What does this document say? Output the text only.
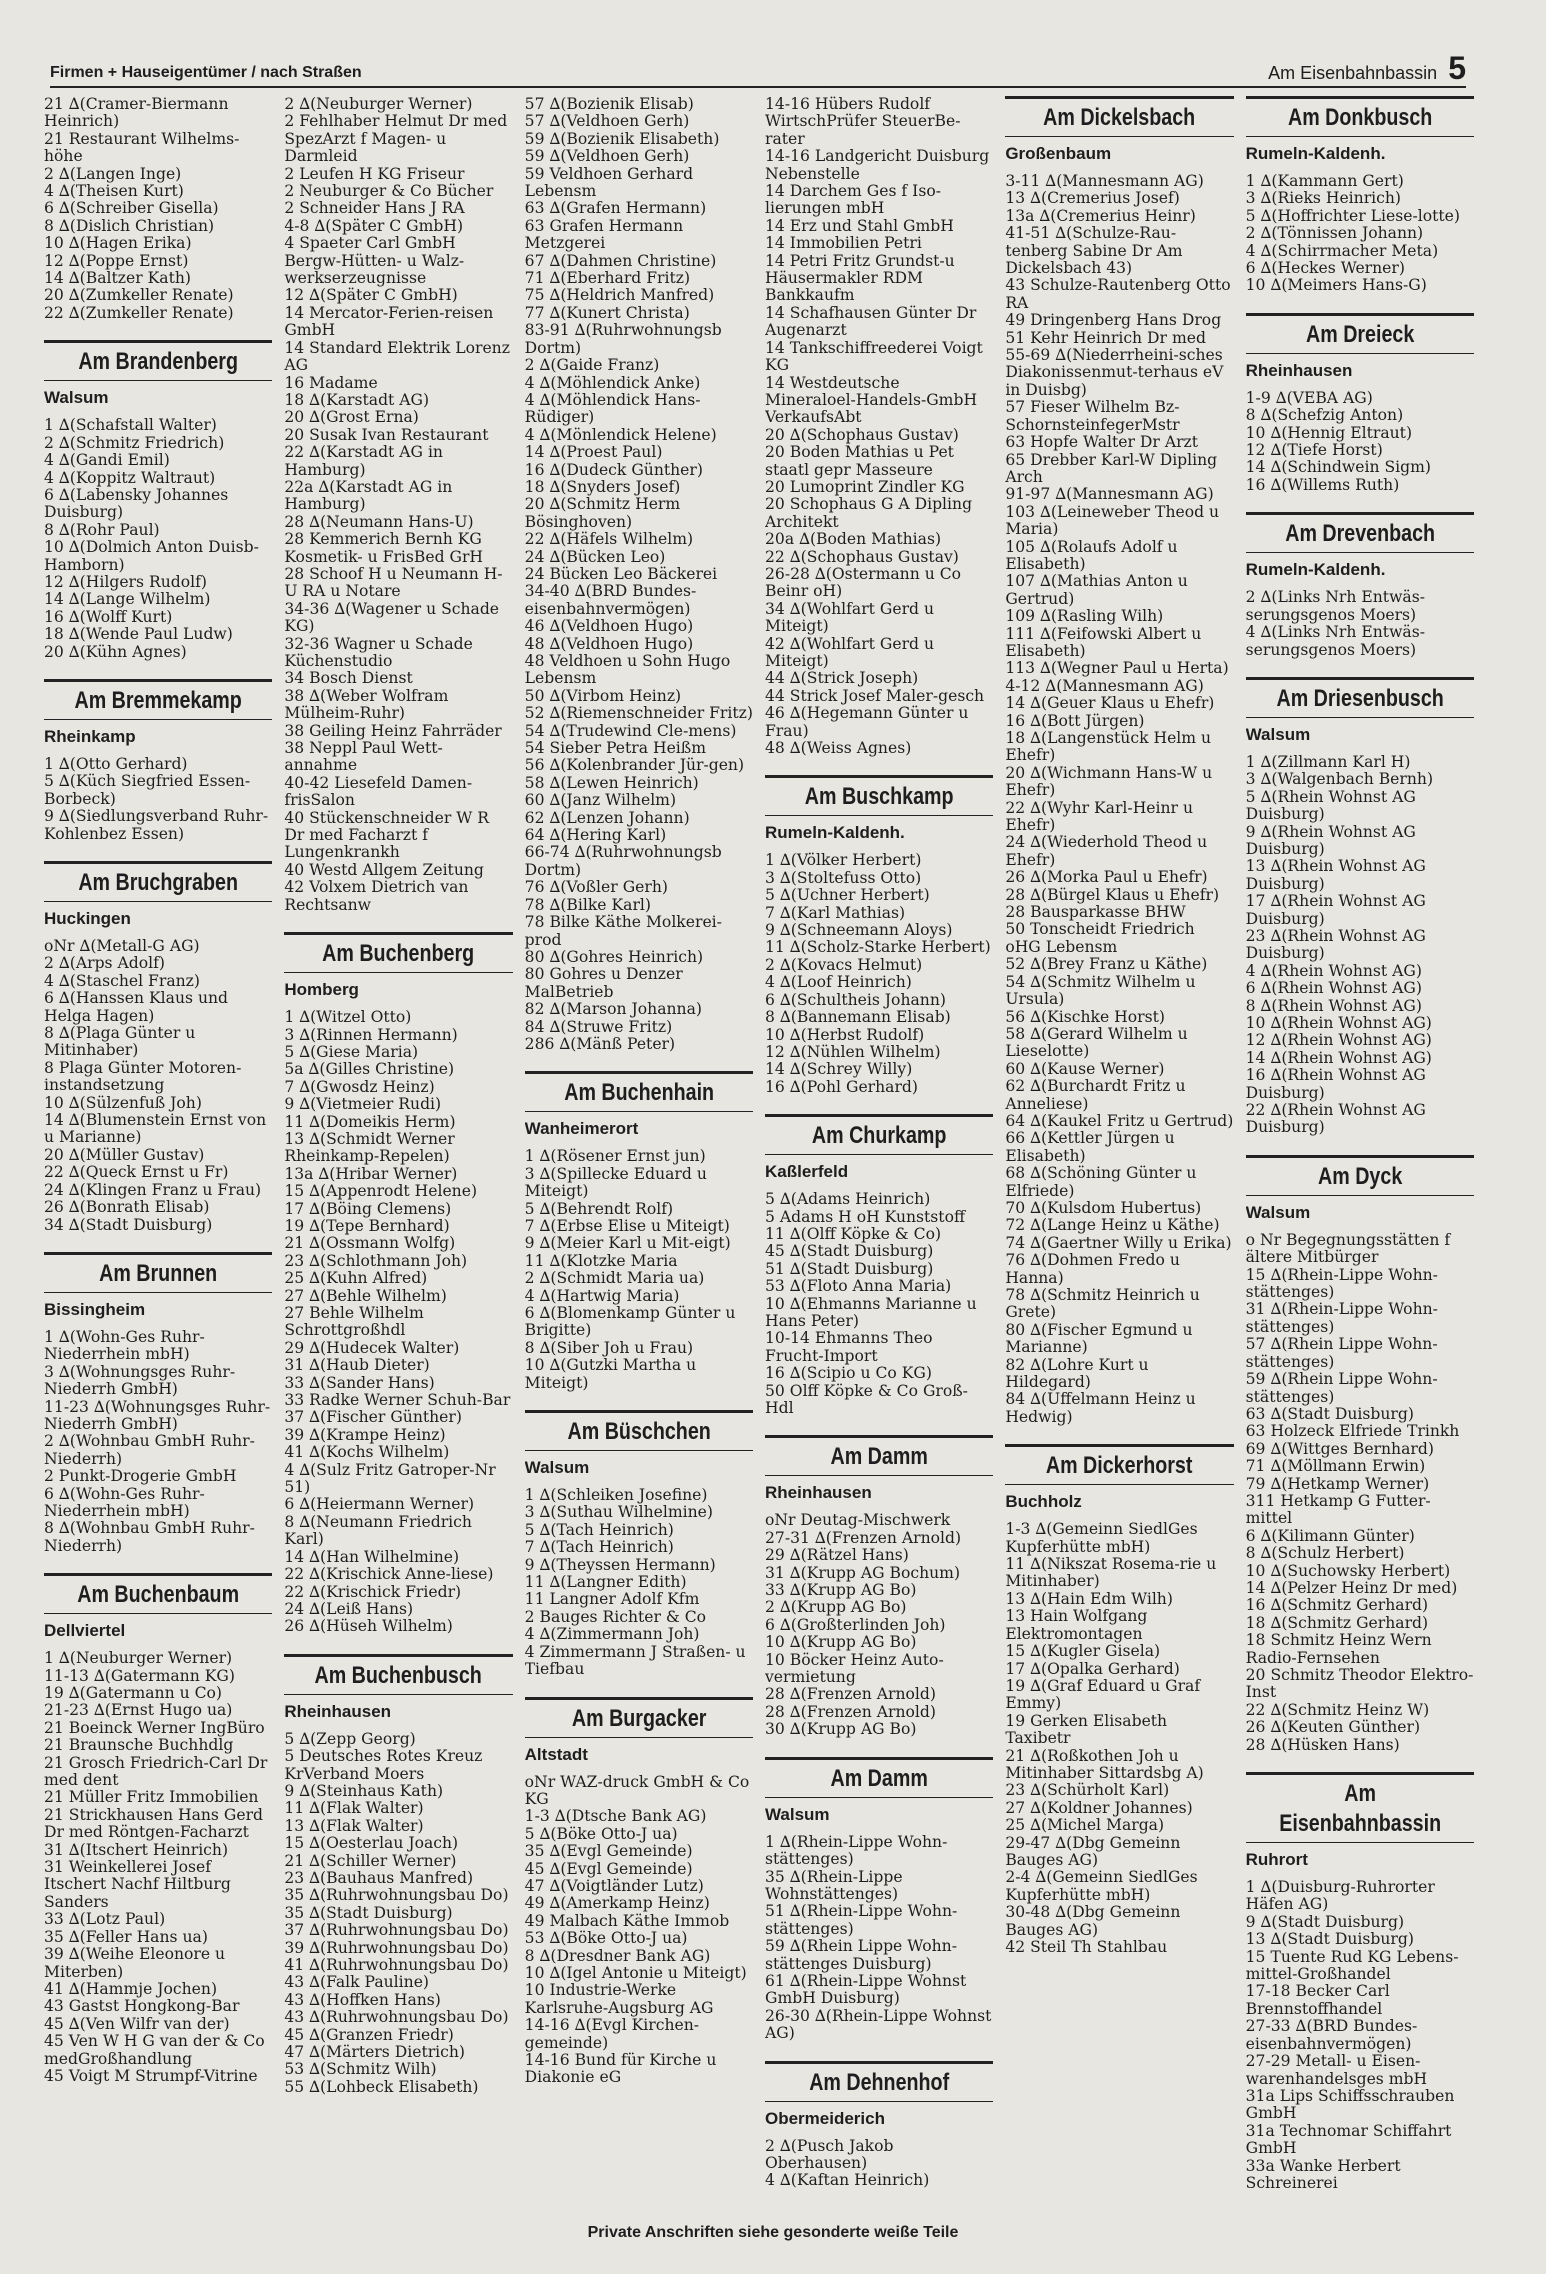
Firmen + Hauseigentümer / nach Straßen	Am Eisenbahnbassin 5

21 ∆(Cramer-Biermann Heinrich)

21 Restaurant Wilhelms-höhe

2 ∆(Langen Inge)

4 ∆(Theisen Kurt)

6 ∆(Schreiber Gisella)

8 ∆(Dislich Christian)

10 ∆(Hagen Erika)

12 ∆(Poppe Ernst)

14 ∆(Baltzer Kath)

20 ∆(Zumkeller Renate)

22 ∆(Zumkeller Renate)

Am Brandenberg
Walsum

1 ∆(Schafstall Walter)

2 ∆(Schmitz Friedrich)

4 ∆(Gandi Emil)

4 ∆(Koppitz Waltraut)

6 ∆(Labensky Johannes Duisburg)

8 ∆(Rohr Paul)

10 ∆(Dolmich Anton Duisb-Hamborn)

12 ∆(Hilgers Rudolf)

14 ∆(Lange Wilhelm)

16 ∆(Wolff Kurt)

18 ∆(Wende Paul Ludw)

20 ∆(Kühn Agnes)

Am Bremmekamp
Rheinkamp

1 ∆(Otto Gerhard)

5 ∆(Küch Siegfried Essen-Borbeck)

9 ∆(Siedlungsverband Ruhr-Kohlenbez Essen)

Am Bruchgraben
Huckingen

oNr ∆(Metall-G AG)

2 ∆(Arps Adolf)

4 ∆(Staschel Franz)

6 ∆(Hanssen Klaus und Helga Hagen)

8 ∆(Plaga Günter u Mitinhaber)

8 Plaga Günter Motoren-instandsetzung

10 ∆(Sülzenfuß Joh)

14 ∆(Blumenstein Ernst von u Marianne)

20 ∆(Müller Gustav)

22 ∆(Queck Ernst u Fr)

24 ∆(Klingen Franz u Frau)

26 ∆(Bonrath Elisab)

34 ∆(Stadt Duisburg)

Am Brunnen
Bissingheim

1 ∆(Wohn-Ges Ruhr-Niederrhein mbH)

3 ∆(Wohnungsges Ruhr-Niederrh GmbH)

11-23 ∆(Wohnungsges Ruhr-Niederrh GmbH)

2 ∆(Wohnbau GmbH Ruhr-Niederrh)

2 Punkt-Drogerie GmbH

6 ∆(Wohn-Ges Ruhr-Niederrhein mbH)

8 ∆(Wohnbau GmbH Ruhr-Niederrh)

Am Buchenbaum
Dellviertel

1 ∆(Neuburger Werner)

11-13 ∆(Gatermann KG)

19 ∆(Gatermann u Co)

21-23 ∆(Ernst Hugo ua)

21 Boeinck Werner IngBüro

21 Braunsche Buchhdlg

21 Grosch Friedrich-Carl Dr med dent

21 Müller Fritz Immobilien

21 Strickhausen Hans Gerd Dr med Röntgen-Facharzt

31 ∆(Itschert Heinrich)

31 Weinkellerei Josef Itschert Nachf Hiltburg Sanders

33 ∆(Lotz Paul)

35 ∆(Feller Hans ua)

39 ∆(Weihe Eleonore u Miterben)

41 ∆(Hammje Jochen)

43 Gastst Hongkong-Bar

45 ∆(Ven Wilfr van der)

45 Ven W H G van der & Co medGroßhandlung

45 Voigt M Strumpf-Vitrine

2 ∆(Neuburger Werner)

2 Fehlhaber Helmut Dr med SpezArzt f Magen- u Darmleid

2 Leufen H KG Friseur

2 Neuburger & Co Bücher

2 Schneider Hans J RA

4-8 ∆(Später C GmbH)

4 Spaeter Carl GmbH Bergw-Hütten- u Walz-werkserzeugnisse

12 ∆(Später C GmbH)

14 Mercator-Ferien-reisen GmbH

14 Standard Elektrik Lorenz AG

16 Madame

18 ∆(Karstadt AG)

20 ∆(Grost Erna)

20 Susak Ivan Restaurant

22 ∆(Karstadt AG in Hamburg)

22a ∆(Karstadt AG in Hamburg)

28 ∆(Neumann Hans-U)

28 Kemmerich Bernh KG Kosmetik- u FrisBed GrH

28 Schoof H u Neumann H-U RA u Notare

34-36 ∆(Wagener u Schade KG)

32-36 Wagner u Schade Küchenstudio

34 Bosch Dienst

38 ∆(Weber Wolfram Mülheim-Ruhr)

38 Geiling Heinz Fahrräder

38 Neppl Paul Wett-annahme

40-42 Liesefeld Damen-frisSalon

40 Stückenschneider W R Dr med Facharzt f Lungenkrankh

40 Westd Allgem Zeitung

42 Volxem Dietrich van Rechtsanw

Am Buchenberg
Homberg

1 ∆(Witzel Otto)

3 ∆(Rinnen Hermann)

5 ∆(Giese Maria)

5a ∆(Gilles Christine)

7 ∆(Gwosdz Heinz)

9 ∆(Vietmeier Rudi)

11 ∆(Domeikis Herm)

13 ∆(Schmidt Werner Rheinkamp-Repelen)

13a ∆(Hribar Werner)

15 ∆(Appenrodt Helene)

17 ∆(Böing Clemens)

19 ∆(Tepe Bernhard)

21 ∆(Ossmann Wolfg)

23 ∆(Schlothmann Joh)

25 ∆(Kuhn Alfred)

27 ∆(Behle Wilhelm)

27 Behle Wilhelm Schrottgroßhdl

29 ∆(Hudecek Walter)

31 ∆(Haub Dieter)

33 ∆(Sander Hans)

33 Radke Werner Schuh-Bar

37 ∆(Fischer Günther)

39 ∆(Krampe Heinz)

41 ∆(Kochs Wilhelm)

4 ∆(Sulz Fritz Gatroper-Nr 51)

6 ∆(Heiermann Werner)

8 ∆(Neumann Friedrich Karl)

14 ∆(Han Wilhelmine)

22 ∆(Krischick Anne-liese)

22 ∆(Krischick Friedr)

24 ∆(Leiß Hans)

26 ∆(Hüseh Wilhelm)

Am Buchenbusch
Rheinhausen

5 ∆(Zepp Georg)

5 Deutsches Rotes Kreuz KrVerband Moers

9 ∆(Steinhaus Kath)

11 ∆(Flak Walter)

13 ∆(Flak Walter)

15 ∆(Oesterlau Joach)

21 ∆(Schiller Werner)

23 ∆(Bauhaus Manfred)

35 ∆(Ruhrwohnungsbau Do)

35 ∆(Stadt Duisburg)

37 ∆(Ruhrwohnungsbau Do)

39 ∆(Ruhrwohnungsbau Do)

41 ∆(Ruhrwohnungsbau Do)

43 ∆(Falk Pauline)

43 ∆(Hoffken Hans)

43 ∆(Ruhrwohnungsbau Do)

45 ∆(Granzen Friedr)

47 ∆(Märters Dietrich)

53 ∆(Schmitz Wilh)

55 ∆(Lohbeck Elisabeth)

57 ∆(Bozienik Elisab)

57 ∆(Veldhoen Gerh)

59 ∆(Bozienik Elisabeth)

59 ∆(Veldhoen Gerh)

59 Veldhoen Gerhard Lebensm

63 ∆(Grafen Hermann)

63 Grafen Hermann Metzgerei

67 ∆(Dahmen Christine)

71 ∆(Eberhard Fritz)

75 ∆(Heldrich Manfred)

77 ∆(Kunert Christa)

83-91 ∆(Ruhrwohnungsb Dortm)

2 ∆(Gaide Franz)

4 ∆(Möhlendick Anke)

4 ∆(Möhlendick Hans-Rüdiger)

4 ∆(Mönlendick Helene)

14 ∆(Proest Paul)

16 ∆(Dudeck Günther)

18 ∆(Snyders Josef)

20 ∆(Schmitz Herm Bösinghoven)

22 ∆(Häfels Wilhelm)

24 ∆(Bücken Leo)

24 Bücken Leo Bäckerei

34-40 ∆(BRD Bundes-eisenbahnvermögen)

46 ∆(Veldhoen Hugo)

48 ∆(Veldhoen Hugo)

48 Veldhoen u Sohn Hugo Lebensm

50 ∆(Virbom Heinz)

52 ∆(Riemenschneider Fritz)

54 ∆(Trudewind Cle-mens)

54 Sieber Petra Heißm

56 ∆(Kolenbrander Jür-gen)

58 ∆(Lewen Heinrich)

60 ∆(Janz Wilhelm)

62 ∆(Lenzen Johann)

64 ∆(Hering Karl)

66-74 ∆(Ruhrwohnungsb Dortm)

76 ∆(Voßler Gerh)

78 ∆(Bilke Karl)

78 Bilke Käthe Molkerei-prod

80 ∆(Gohres Heinrich)

80 Gohres u Denzer MalBetrieb

82 ∆(Marson Johanna)

84 ∆(Struwe Fritz)

286 ∆(Mänß Peter)

Am Buchenhain
Wanheimerort

1 ∆(Rösener Ernst jun)

3 ∆(Spillecke Eduard u Miteigt)

5 ∆(Behrendt Rolf)

7 ∆(Erbse Elise u Miteigt)

9 ∆(Meier Karl u Mit-eigt)

11 ∆(Klotzke Maria

2 ∆(Schmidt Maria ua)

4 ∆(Hartwig Maria)

6 ∆(Blomenkamp Günter u Brigitte)

8 ∆(Siber Joh u Frau)

10 ∆(Gutzki Martha u Miteigt)

Am Büschchen
Walsum

1 ∆(Schleiken Josefine)

3 ∆(Suthau Wilhelmine)

5 ∆(Tach Heinrich)

7 ∆(Tach Heinrich)

9 ∆(Theyssen Hermann)

11 ∆(Langner Edith)

11 Langner Adolf Kfm

2 Bauges Richter & Co

4 ∆(Zimmermann Joh)

4 Zimmermann J Straßen- u Tiefbau

Am Burgacker
Altstadt

oNr WAZ-druck GmbH & Co KG

1-3 ∆(Dtsche Bank AG)

5 ∆(Böke Otto-J ua)

35 ∆(Evgl Gemeinde)

45 ∆(Evgl Gemeinde)

47 ∆(Voigtländer Lutz)

49 ∆(Amerkamp Heinz)

49 Malbach Käthe Immob

53 ∆(Böke Otto-J ua)

8 ∆(Dresdner Bank AG)

10 ∆(Igel Antonie u Miteigt)

10 Industrie-Werke Karlsruhe-Augsburg AG

14-16 ∆(Evgl Kirchen-gemeinde)

14-16 Bund für Kirche u Diakonie eG

14-16 Hübers Rudolf WirtschPrüfer SteuerBe-rater

14-16 Landgericht Duisburg Nebenstelle

14 Darchem Ges f Iso-lierungen mbH

14 Erz und Stahl GmbH

14 Immobilien Petri

14 Petri Fritz Grundst-u Häusermakler RDM Bankkaufm

14 Schafhausen Günter Dr Augenarzt

14 Tankschiffreederei Voigt KG

14 Westdeutsche Mineraloel-Handels-GmbH VerkaufsAbt

20 ∆(Schophaus Gustav)

20 Boden Mathias u Pet staatl gepr Masseure

20 Lumoprint Zindler KG

20 Schophaus G A Dipling Architekt

20a ∆(Boden Mathias)

22 ∆(Schophaus Gustav)

26-28 ∆(Ostermann u Co Beinr oH)

34 ∆(Wohlfart Gerd u Miteigt)

42 ∆(Wohlfart Gerd u Miteigt)

44 ∆(Strick Joseph)

44 Strick Josef Maler-gesch

46 ∆(Hegemann Günter u Frau)

48 ∆(Weiss Agnes)

Am Buschkamp
Rumeln-Kaldenh.

1 ∆(Völker Herbert)

3 ∆(Stoltefuss Otto)

5 ∆(Uchner Herbert)

7 ∆(Karl Mathias)

9 ∆(Schneemann Aloys)

11 ∆(Scholz-Starke Herbert)

2 ∆(Kovacs Helmut)

4 ∆(Loof Heinrich)

6 ∆(Schultheis Johann)

8 ∆(Bannemann Elisab)

10 ∆(Herbst Rudolf)

12 ∆(Nühlen Wilhelm)

14 ∆(Schrey Willy)

16 ∆(Pohl Gerhard)

Am Churkamp
Kaßlerfeld

5 ∆(Adams Heinrich)

5 Adams H oH Kunststoff

11 ∆(Olff Köpke & Co)

45 ∆(Stadt Duisburg)

51 ∆(Stadt Duisburg)

53 ∆(Floto Anna Maria)

10 ∆(Ehmanns Marianne u Hans Peter)

10-14 Ehmanns Theo Frucht-Import

16 ∆(Scipio u Co KG)

50 Olff Köpke & Co Groß-Hdl

Am Damm
Rheinhausen

oNr Deutag-Mischwerk

27-31 ∆(Frenzen Arnold)

29 ∆(Rätzel Hans)

31 ∆(Krupp AG Bochum)

33 ∆(Krupp AG Bo)

2 ∆(Krupp AG Bo)

6 ∆(Großterlinden Joh)

10 ∆(Krupp AG Bo)

10 Böcker Heinz Auto-vermietung

28 ∆(Frenzen Arnold)

28 ∆(Frenzen Arnold)

30 ∆(Krupp AG Bo)

Am Damm
Walsum

1 ∆(Rhein-Lippe Wohn-stättenges)

35 ∆(Rhein-Lippe Wohnstättenges)

51 ∆(Rhein-Lippe Wohn-stättenges)

59 ∆(Rhein Lippe Wohn-stättenges Duisburg)

61 ∆(Rhein-Lippe Wohnst GmbH Duisburg)

26-30 ∆(Rhein-Lippe Wohnst AG)

Am Dehnenhof
Obermeiderich

2 ∆(Pusch Jakob Oberhausen)

4 ∆(Kaftan Heinrich)

Am Dickelsbach
Großenbaum

3-11 ∆(Mannesmann AG)

13 ∆(Cremerius Josef)

13a ∆(Cremerius Heinr)

41-51 ∆(Schulze-Rau-tenberg Sabine Dr Am Dickelsbach 43)

43 Schulze-Rautenberg Otto RA

49 Dringenberg Hans Drog

51 Kehr Heinrich Dr med

55-69 ∆(Niederrheini-sches Diakonissenmut-terhaus eV in Duisbg)

57 Fieser Wilhelm Bz-SchornsteinfegerMstr

63 Hopfe Walter Dr Arzt

65 Drebber Karl-W Dipling Arch

91-97 ∆(Mannesmann AG)

103 ∆(Leineweber Theod u Maria)

105 ∆(Rolaufs Adolf u Elisabeth)

107 ∆(Mathias Anton u Gertrud)

109 ∆(Rasling Wilh)

111 ∆(Feifowski Albert u Elisabeth)

113 ∆(Wegner Paul u Herta)

4-12 ∆(Mannesmann AG)

14 ∆(Geuer Klaus u Ehefr)

16 ∆(Bott Jürgen)

18 ∆(Langenstück Helm u Ehefr)

20 ∆(Wichmann Hans-W u Ehefr)

22 ∆(Wyhr Karl-Heinr u Ehefr)

24 ∆(Wiederhold Theod u Ehefr)

26 ∆(Morka Paul u Ehefr)

28 ∆(Bürgel Klaus u Ehefr)

28 Bausparkasse BHW

50 Tonscheidt Friedrich oHG Lebensm

52 ∆(Brey Franz u Käthe)

54 ∆(Schmitz Wilhelm u Ursula)

56 ∆(Kischke Horst)

58 ∆(Gerard Wilhelm u Lieselotte)

60 ∆(Kause Werner)

62 ∆(Burchardt Fritz u Anneliese)

64 ∆(Kaukel Fritz u Gertrud)

66 ∆(Kettler Jürgen u Elisabeth)

68 ∆(Schöning Günter u Elfriede)

70 ∆(Kulsdom Hubertus)

72 ∆(Lange Heinz u Käthe)

74 ∆(Gaertner Willy u Erika)

76 ∆(Dohmen Fredo u Hanna)

78 ∆(Schmitz Heinrich u Grete)

80 ∆(Fischer Egmund u Marianne)

82 ∆(Lohre Kurt u Hildegard)

84 ∆(Uffelmann Heinz u Hedwig)

Am Dickerhorst
Buchholz

1-3 ∆(Gemeinn SiedlGes Kupferhütte mbH)

11 ∆(Nikszat Rosema-rie u Mitinhaber)

13 ∆(Hain Edm Wilh)

13 Hain Wolfgang Elektromontagen

15 ∆(Kugler Gisela)

17 ∆(Opalka Gerhard)

19 ∆(Graf Eduard u Graf Emmy)

19 Gerken Elisabeth Taxibetr

21 ∆(Roßkothen Joh u Mitinhaber Sittardsbg A)

23 ∆(Schürholt Karl)

27 ∆(Koldner Johannes)

25 ∆(Michel Marga)

29-47 ∆(Dbg Gemeinn Bauges AG)

2-4 ∆(Gemeinn SiedlGes Kupferhütte mbH)

30-48 ∆(Dbg Gemeinn Bauges AG)

42 Steil Th Stahlbau

Am Donkbusch
Rumeln-Kaldenh.

1 ∆(Kammann Gert)

3 ∆(Rieks Heinrich)

5 ∆(Hoffrichter Liese-lotte)

2 ∆(Tönnissen Johann)

4 ∆(Schirrmacher Meta)

6 ∆(Heckes Werner)

10 ∆(Meimers Hans-G)

Am Dreieck
Rheinhausen

1-9 ∆(VEBA AG)

8 ∆(Schefzig Anton)

10 ∆(Hennig Eltraut)

12 ∆(Tiefe Horst)

14 ∆(Schindwein Sigm)

16 ∆(Willems Ruth)

Am Drevenbach
Rumeln-Kaldenh.

2 ∆(Links Nrh Entwäs-serungsgenos Moers)

4 ∆(Links Nrh Entwäs-serungsgenos Moers)

Am Driesenbusch
Walsum

1 ∆(Zillmann Karl H)

3 ∆(Walgenbach Bernh)

5 ∆(Rhein Wohnst AG Duisburg)

9 ∆(Rhein Wohnst AG Duisburg)

13 ∆(Rhein Wohnst AG Duisburg)

17 ∆(Rhein Wohnst AG Duisburg)

23 ∆(Rhein Wohnst AG Duisburg)

4 ∆(Rhein Wohnst AG)

6 ∆(Rhein Wohnst AG)

8 ∆(Rhein Wohnst AG)

10 ∆(Rhein Wohnst AG)

12 ∆(Rhein Wohnst AG)

14 ∆(Rhein Wohnst AG)

16 ∆(Rhein Wohnst AG Duisburg)

22 ∆(Rhein Wohnst AG Duisburg)

Am Dyck
Walsum

o Nr Begegnungsstätten f ältere Mitbürger

15 ∆(Rhein-Lippe Wohn-stättenges)

31 ∆(Rhein-Lippe Wohn-stättenges)

57 ∆(Rhein Lippe Wohn-stättenges)

59 ∆(Rhein Lippe Wohn-stättenges)

63 ∆(Stadt Duisburg)

63 Holzeck Elfriede Trinkh

69 ∆(Wittges Bernhard)

71 ∆(Möllmann Erwin)

79 ∆(Hetkamp Werner)

311 Hetkamp G Futter-mittel

6 ∆(Kilimann Günter)

8 ∆(Schulz Herbert)

10 ∆(Suchowsky Herbert)

14 ∆(Pelzer Heinz Dr med)

16 ∆(Schmitz Gerhard)

18 ∆(Schmitz Gerhard)

18 Schmitz Heinz Wern Radio-Fernsehen

20 Schmitz Theodor Elektro-Inst

22 ∆(Schmitz Heinz W)

26 ∆(Keuten Günther)

28 ∆(Hüsken Hans)

Am Eisenbahnbassin
Ruhrort

1 ∆(Duisburg-Ruhrorter Häfen AG)

9 ∆(Stadt Duisburg)

13 ∆(Stadt Duisburg)

15 Tuente Rud KG Lebens-mittel-Großhandel

17-18 Becker Carl Brennstoffhandel

27-33 ∆(BRD Bundes-eisenbahnvermögen)

27-29 Metall- u Eisen-warenhandelsges mbH

31a Lips Schiffsschrauben GmbH

31a Technomar Schiffahrt GmbH

33a Wanke Herbert Schreinerei

Private Anschriften siehe gesonderte weiße Teile
